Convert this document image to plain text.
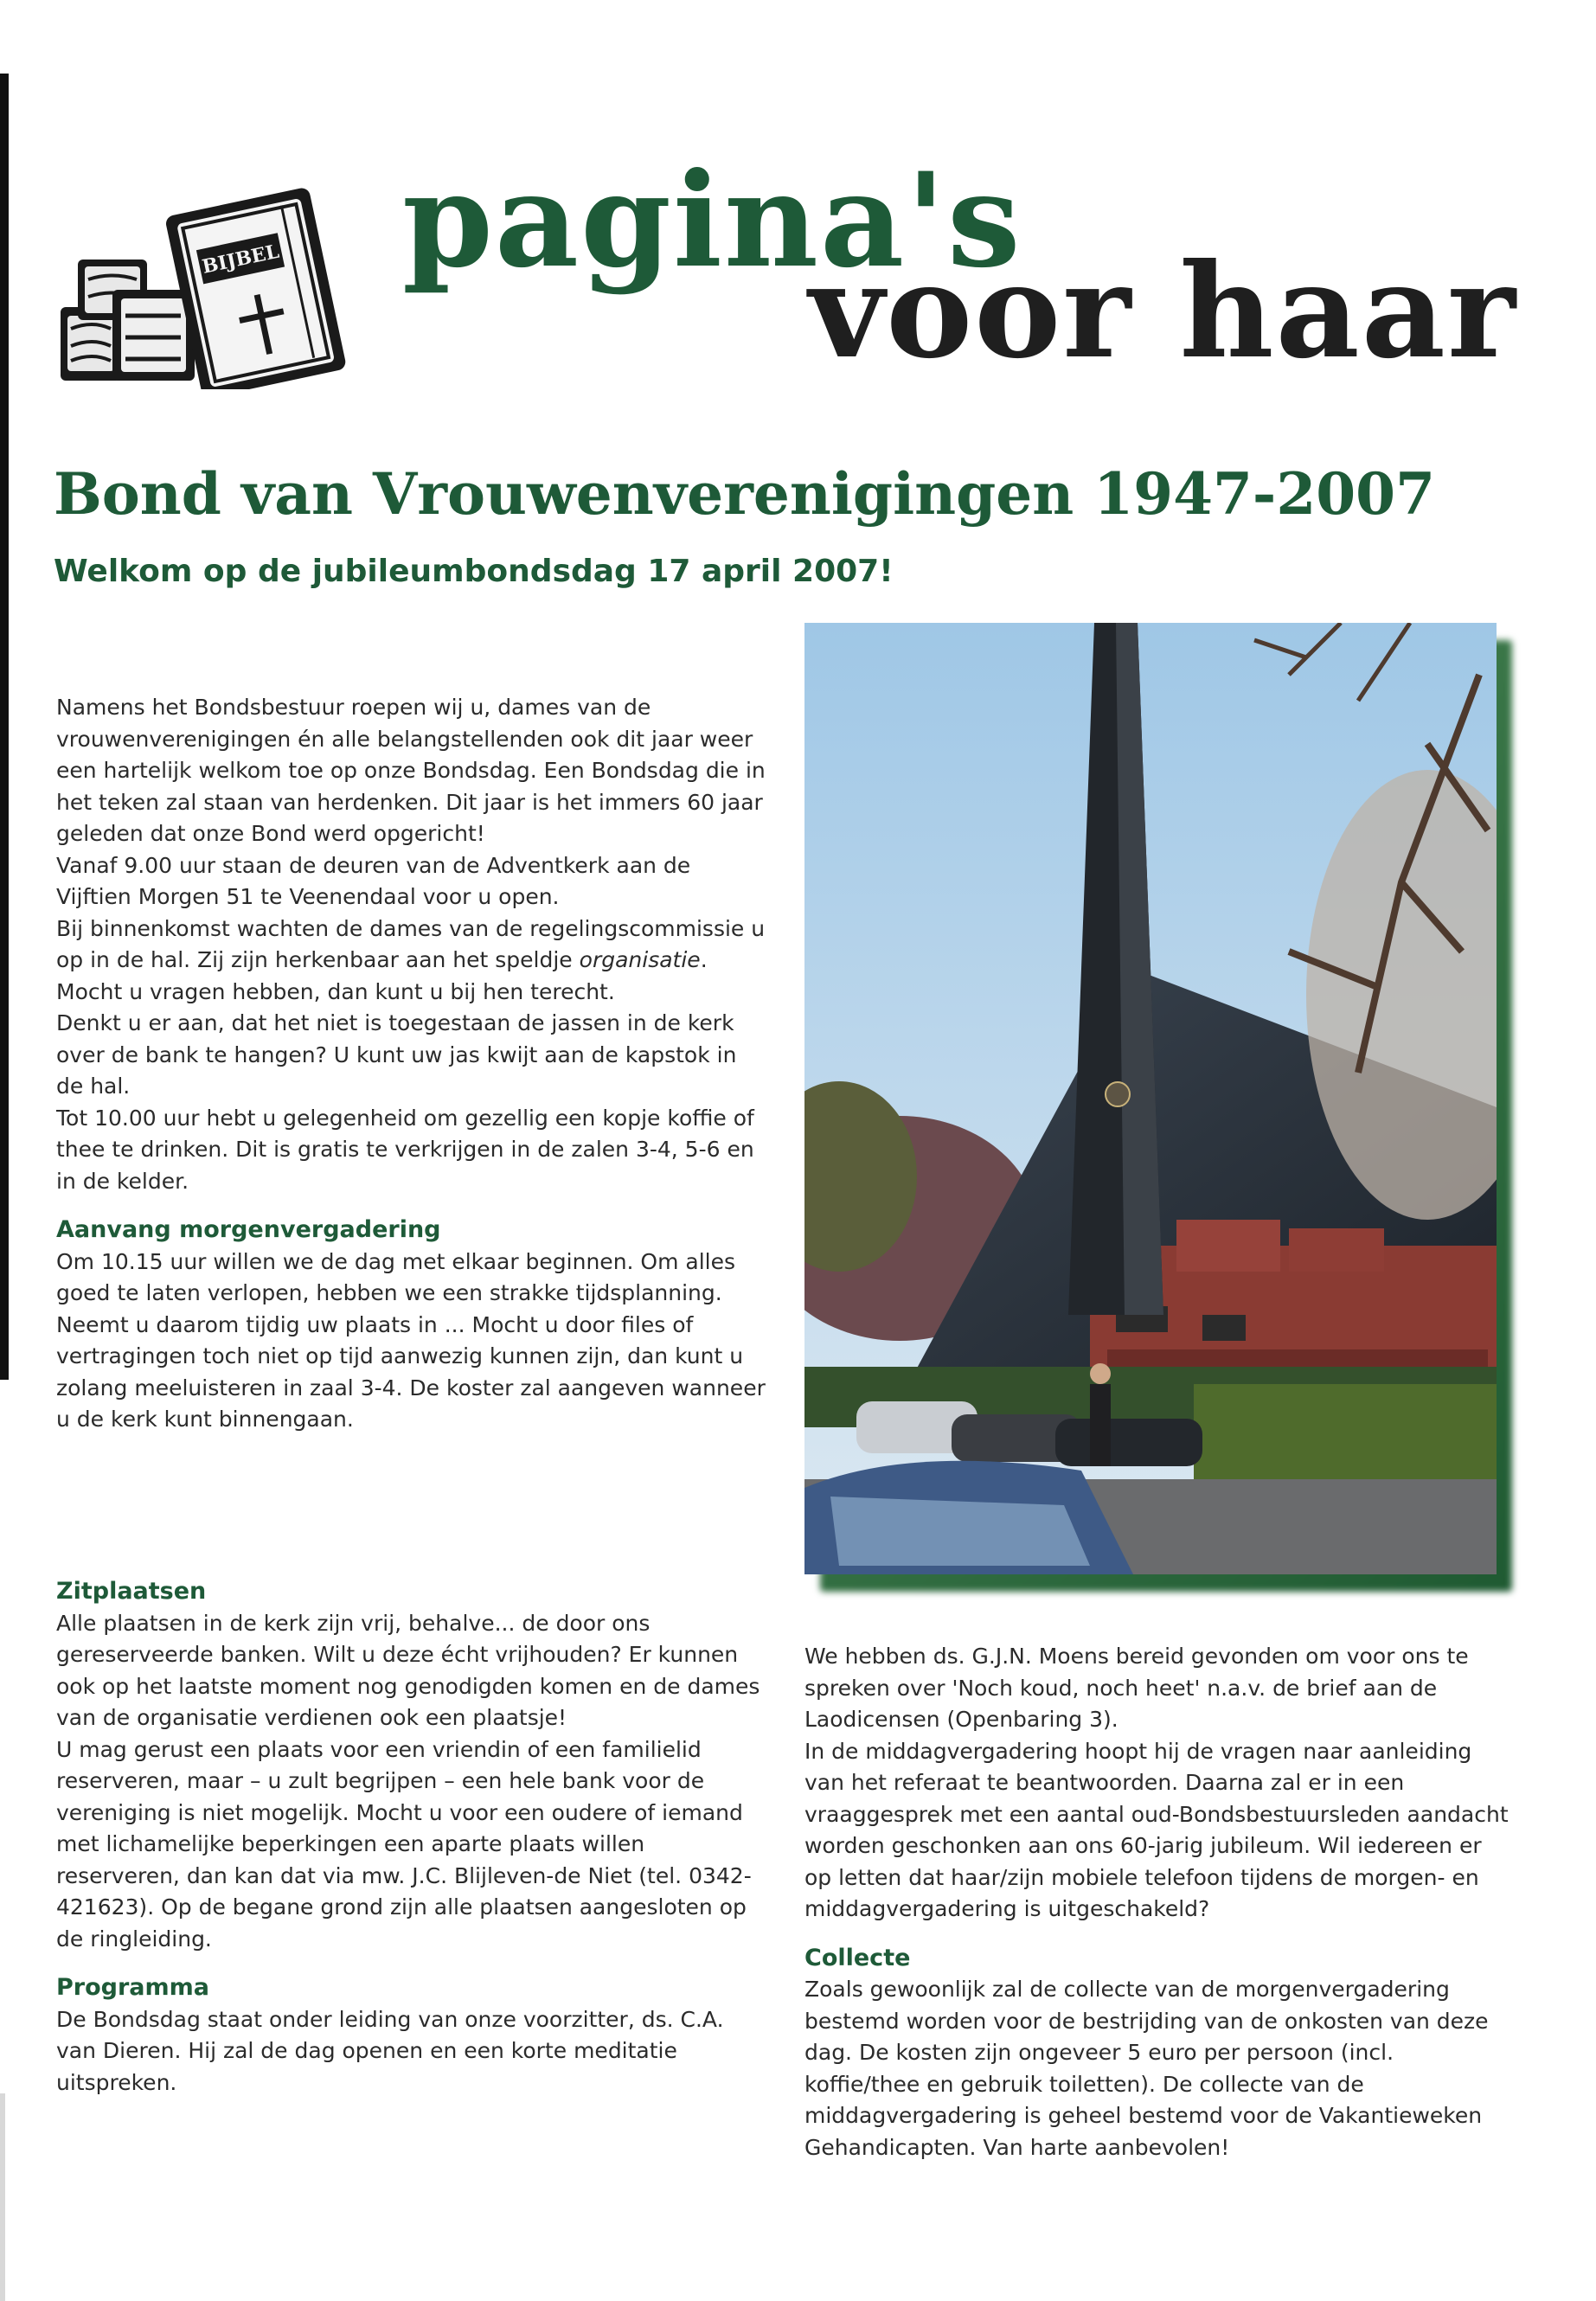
BIJBEL pagina's
voor haar
Bond van Vrouwenverenigingen 1947-2007
Welkom op de jubileumbondsdag 17 april 2007!

Namens het Bondsbestuur roepen wij u, dames van de vrouwenverenigingen én alle belangstellenden ook dit jaar weer een hartelijk welkom toe op onze Bondsdag. Een Bondsdag die in het teken zal staan van herdenken. Dit jaar is het immers 60 jaar geleden dat onze Bond werd opgericht!

Vanaf 9.00 uur staan de deuren van de Adventkerk aan de Vijftien Morgen 51 te Veenendaal voor u open.

Bij binnenkomst wachten de dames van de regelingscommissie u op in de hal. Zij zijn herkenbaar aan het speldje organisatie. Mocht u vragen hebben, dan kunt u bij hen terecht.

Denkt u er aan, dat het niet is toegestaan de jassen in de kerk over de bank te hangen? U kunt uw jas kwijt aan de kapstok in de hal.

Tot 10.00 uur hebt u gelegenheid om gezellig een kopje koffie of thee te drinken. Dit is gratis te verkrijgen in de zalen 3-4, 5-6 en in de kelder.

Aanvang morgenvergadering

Om 10.15 uur willen we de dag met elkaar beginnen. Om alles goed te laten verlopen, hebben we een strakke tijdsplanning. Neemt u daarom tijdig uw plaats in ... Mocht u door files of vertragingen toch niet op tijd aanwezig kunnen zijn, dan kunt u zolang meeluisteren in zaal 3-4. De koster zal aangeven wanneer u de kerk kunt binnengaan.

Zitplaatsen

Alle plaatsen in de kerk zijn vrij, behalve... de door ons gereserveerde banken. Wilt u deze écht vrijhouden? Er kunnen ook op het laatste moment nog genodigden komen en de dames van de organisatie verdienen ook een plaatsje!

U mag gerust een plaats voor een vriendin of een familielid reserveren, maar – u zult begrijpen – een hele bank voor de vereniging is niet mogelijk. Mocht u voor een oudere of iemand met lichamelijke beperkingen een aparte plaats willen reserveren, dan kan dat via mw. J.C. Blijleven-de Niet (tel. 0342-421623). Op de begane grond zijn alle plaatsen aangesloten op de ringleiding.

Programma

De Bondsdag staat onder leiding van onze voorzitter, ds. C.A. van Dieren. Hij zal de dag openen en een korte meditatie uitspreken.

We hebben ds. G.J.N. Moens bereid gevonden om voor ons te spreken over 'Noch koud, noch heet' n.a.v. de brief aan de Laodicensen (Openbaring 3).

In de middagvergadering hoopt hij de vragen naar aanleiding van het referaat te beantwoorden. Daarna zal er in een vraaggesprek met een aantal oud-Bondsbestuursleden aandacht worden geschonken aan ons 60-jarig jubileum. Wil iedereen er op letten dat haar/zijn mobiele telefoon tijdens de morgen- en middagvergadering is uitgeschakeld?

Collecte

Zoals gewoonlijk zal de collecte van de morgenvergadering bestemd worden voor de bestrijding van de onkosten van deze dag. De kosten zijn ongeveer 5 euro per persoon (incl. koffie/thee en gebruik toiletten). De collecte van de middagvergadering is geheel bestemd voor de Vakantieweken Gehandicapten. Van harte aanbevolen!
